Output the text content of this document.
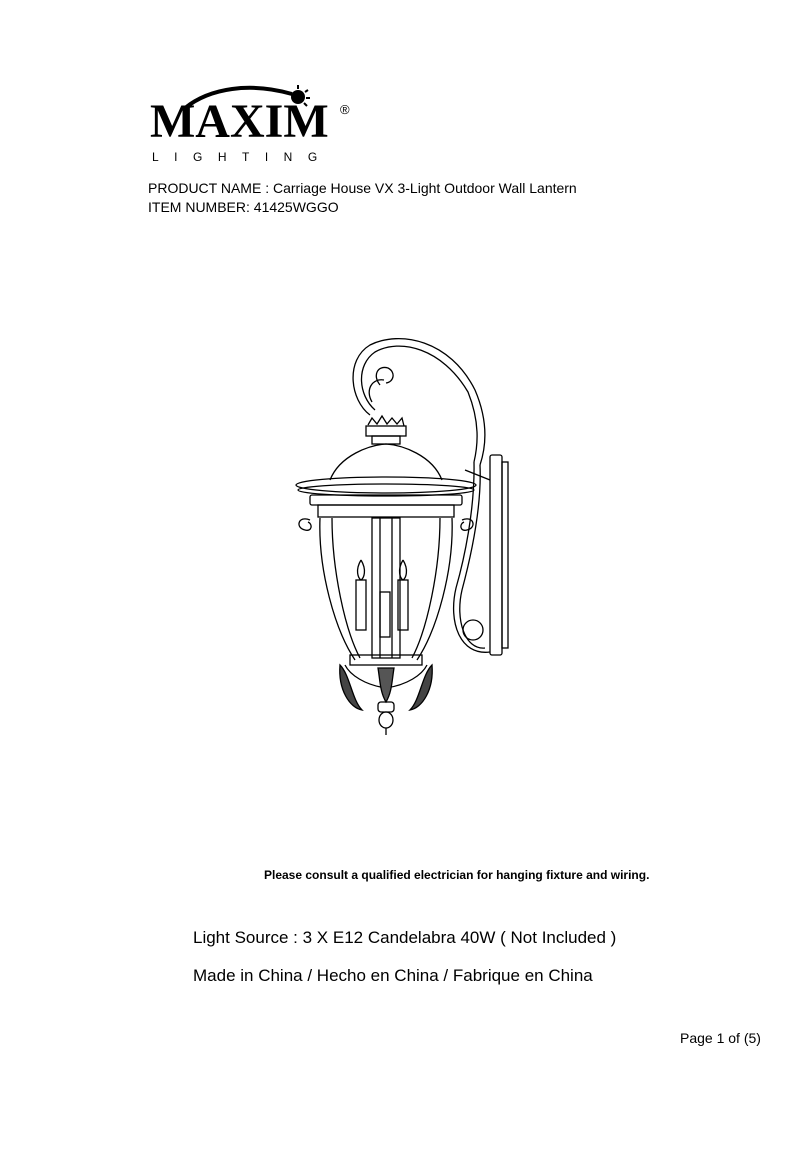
MAXIM ®
LIGHTING
PRODUCT NAME : Carriage House VX 3-Light Outdoor Wall Lantern
ITEM NUMBER: 41425WGGO
Please consult a qualified electrician for hanging fixture and wiring.
Light Source : 3 X E12 Candelabra 40W ( Not Included )
Made in China / Hecho en China / Fabrique en China
Page 1 of (5)
